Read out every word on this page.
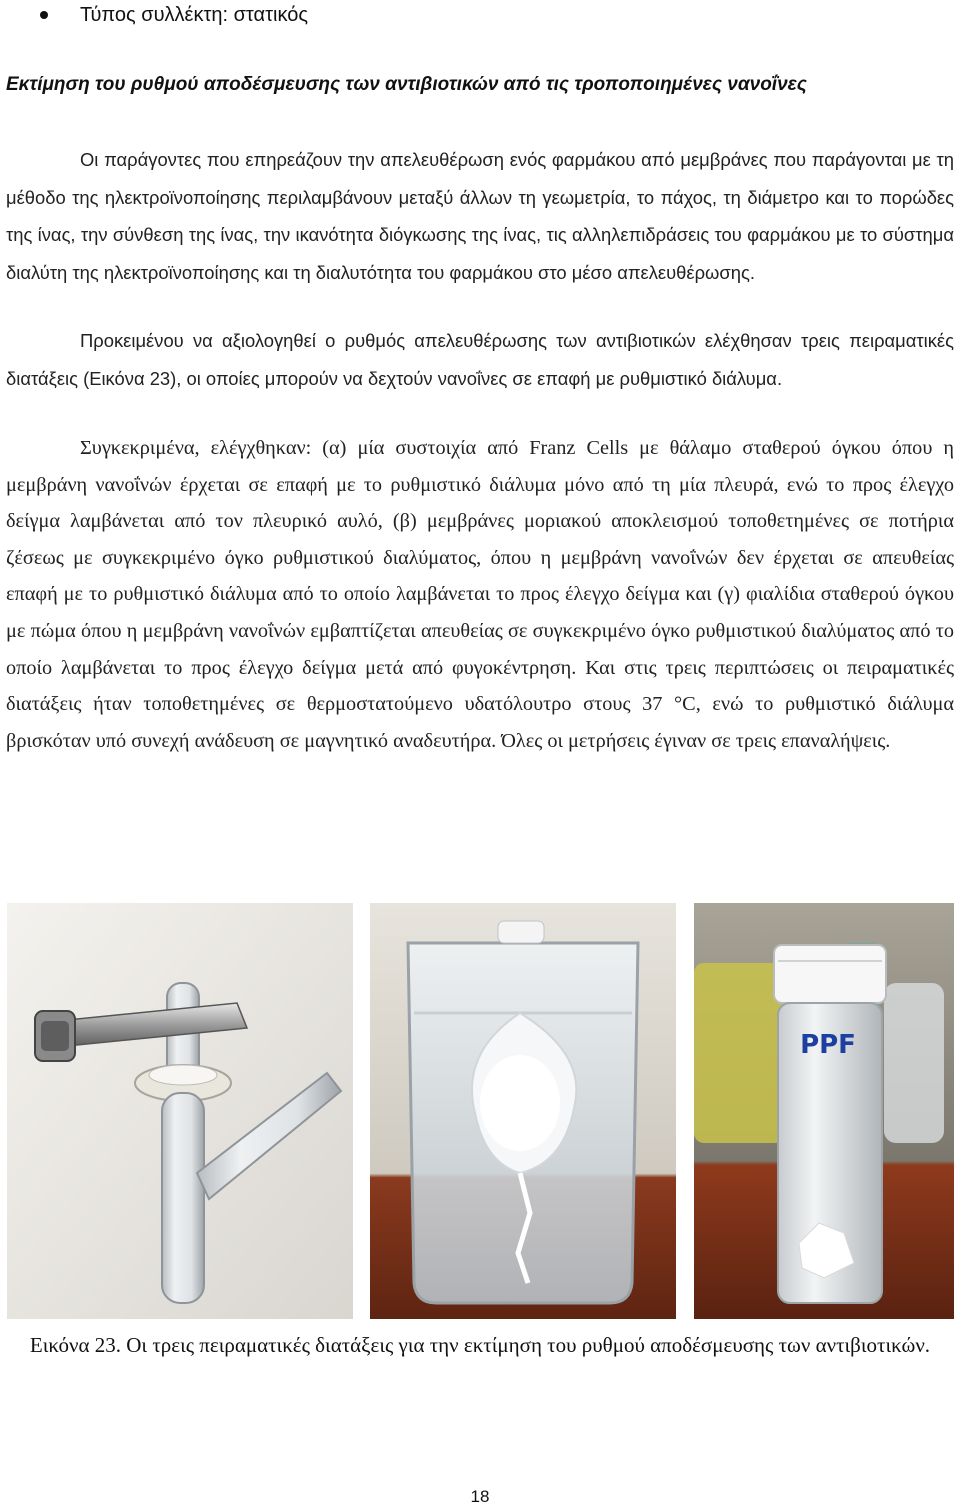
Τύπος συλλέκτη: στατικός
Εκτίμηση του ρυθμού αποδέσμευσης των αντιβιοτικών από τις τροποποιημένες νανοΐνες

Οι παράγοντες που επηρεάζουν την απελευθέρωση ενός φαρμάκου από μεμβράνες που παράγονται με τη μέθοδο της ηλεκτροϊνοποίησης περιλαμβάνουν μεταξύ άλλων τη γεωμετρία, το πάχος, τη διάμετρο και το πορώδες της ίνας, την σύνθεση της ίνας, την ικανότητα διόγκωσης της ίνας, τις αλληλεπιδράσεις του φαρμάκου με το σύστημα διαλύτη της ηλεκτροϊνοποίησης και τη διαλυτότητα του φαρμάκου στο μέσο απελευθέρωσης.

Προκειμένου να αξιολογηθεί ο ρυθμός απελευθέρωσης των αντιβιοτικών ελέχθησαν τρεις πειραματικές διατάξεις (Εικόνα 23), οι οποίες μπορούν να δεχτούν νανοΐνες σε επαφή με ρυθμιστικό διάλυμα.

Συγκεκριμένα, ελέγχθηκαν: (α) μία συστοιχία από Franz Cells με θάλαμο σταθερού όγκου όπου η μεμβράνη νανοΐνών έρχεται σε επαφή με το ρυθμιστικό διάλυμα μόνο από τη μία πλευρά, ενώ το προς έλεγχο δείγμα λαμβάνεται από τον πλευρικό αυλό, (β) μεμβράνες μοριακού αποκλεισμού τοποθετημένες σε ποτήρια ζέσεως με συγκεκριμένο όγκο ρυθμιστικού διαλύματος, όπου η μεμβράνη νανοΐνών δεν έρχεται σε απευθείας επαφή με το ρυθμιστικό διάλυμα από το οποίο λαμβάνεται το προς έλεγχο δείγμα και (γ) φιαλίδια σταθερού όγκου με πώμα όπου η μεμβράνη νανοΐνών εμβαπτίζεται απευθείας σε συγκεκριμένο όγκο ρυθμιστικού διαλύματος από το οποίο λαμβάνεται το προς έλεγχο δείγμα μετά από φυγοκέντρηση. Και στις τρεις περιπτώσεις οι πειραματικές διατάξεις ήταν τοποθετημένες σε θερμοστατούμενο υδατόλουτρο στους 37 °C, ενώ το ρυθμιστικό διάλυμα βρισκόταν υπό συνεχή ανάδευση σε μαγνητικό αναδευτήρα. Όλες οι μετρήσεις έγιναν σε τρεις επαναλήψεις.

PPF
Εικόνα 23. Οι τρεις πειραματικές διατάξεις για την εκτίμηση του ρυθμού αποδέσμευσης των αντιβιοτικών.
18
